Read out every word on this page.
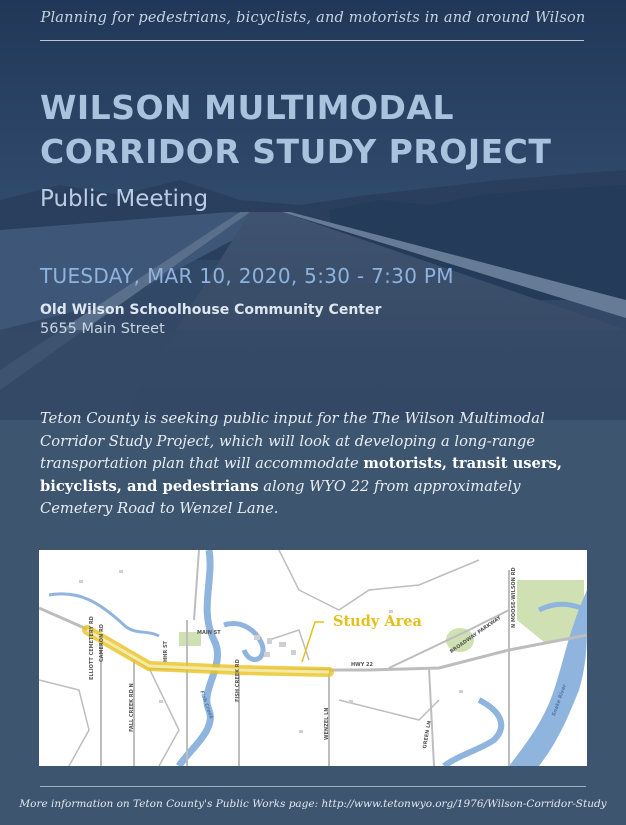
Planning for pedestrians, bicyclists, and motorists in and around Wilson
WILSON MULTIMODAL
CORRIDOR STUDY PROJECT
Public Meeting
TUESDAY, MAR 10, 2020, 5:30 - 7:30 PM
Old Wilson Schoolhouse Community Center
5655 Main Street
Teton County is seeking public input for the The Wilson Multimodal Corridor Study Project, which will look at developing a long-range transportation plan that will accommodate motorists, transit users, bicyclists, and pedestrians along WYO 22 from approximately Cemetery Road to Wenzel Lane.
ELLIOTT CEMETERY RD CAMERON RD	HHR ST
MAIN ST
FALL CREEK RD N	Fish Creek
FISH CREEK RD	HWY 22
WENZEL LN	GREEN LN
BROADWAY PARKWAY
N MOOSE-WILSON RD
Snake River
Study Area
More information on Teton County's Public Works page: http://www.tetonwyo.org/1976/Wilson-Corridor-Study
